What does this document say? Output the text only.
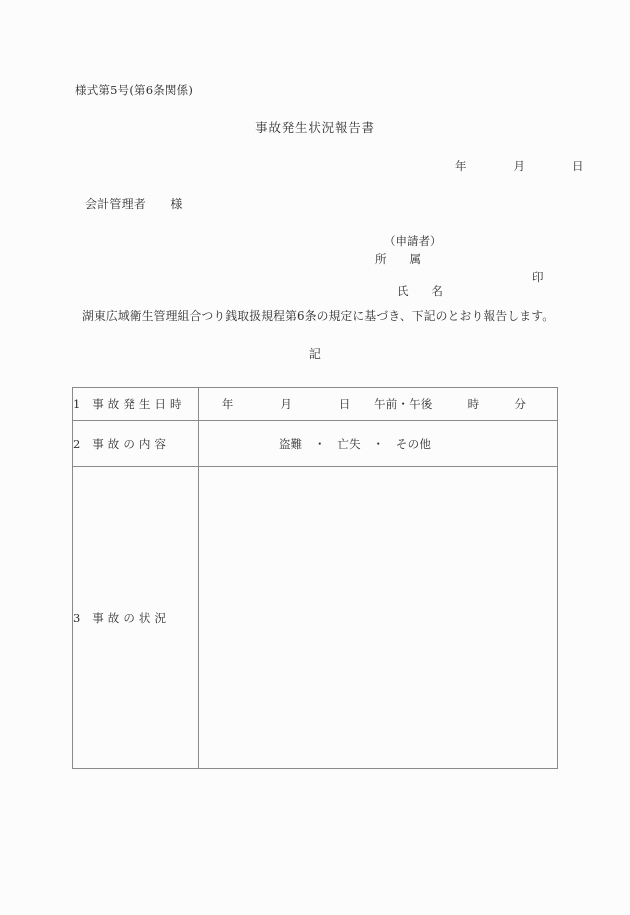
様式第5号(第6条関係)
事故発生状況報告書
年　　　　月　　　　日
会計管理者　　様
（申請者）
所　　属

氏　　名

印

湖東広域衛生管理組合つり銭取扱規程第6条の規定に基づき、下記のとおり報告します。
記
1　事 故 発 生 日 時	年　　　　月　　　　日　　午前・午後　　　時　　　分
2　事 故 の 内 容	盗難　・　亡失　・　その他
3　事 故 の 状 況	
